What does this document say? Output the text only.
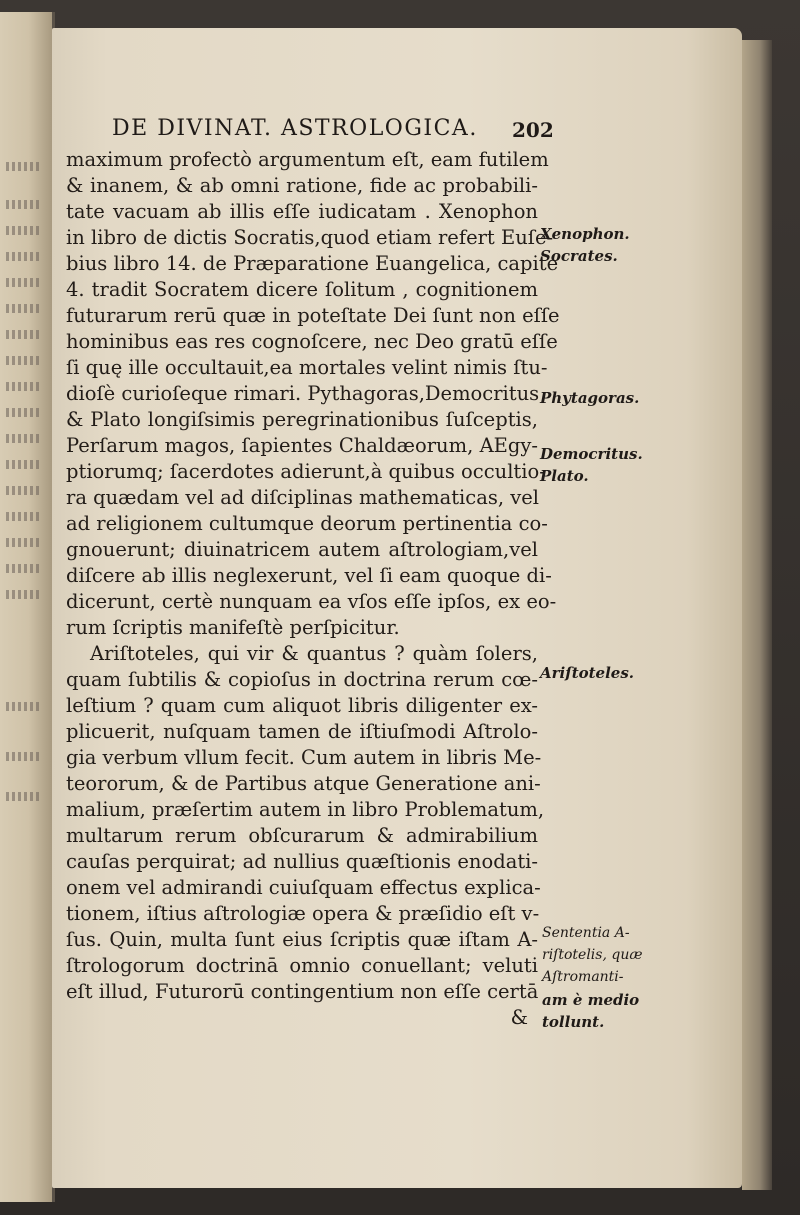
DE DIVINAT. ASTROLOGICA. 202
maximum profectò argumentum eſt, eam futilem
& inanem, & ab omni ratione, fide ac probabili-
tate vacuam ab illis eſſe iudicatam . Xenophon
in libro de dictis Socratis,quod etiam refert Euſe-
bius libro 14. de Præparatione Euangelica, capite
4. tradit Socratem dicere ſolitum , cognitionem
futurarum rerū quæ in poteſtate Dei ſunt non eſſe
hominibus eas res cognoſcere, nec Deo gratū eſſe
ſi quę ille occultauit,ea mortales velint nimis ſtu-
dioſè curioſeque rimari. Pythagoras,Democritus
& Plato longiſsimis peregrinationibus ſuſceptis,
Perſarum magos, ſapientes Chaldæorum, AEgy-
ptiorumq; ſacerdotes adierunt,à quibus occultio-
ra quædam vel ad diſciplinas mathematicas, vel
ad religionem cultumque deorum pertinentia co-
gnouerunt; diuinatricem autem aſtrologiam,vel
diſcere ab illis neglexerunt, vel ſi eam quoque di-
dicerunt, certè nunquam ea vſos eſſe ipſos, ex eo-
rum ſcriptis manifeſtè perſpicitur.
Ariſtoteles, qui vir & quantus ? quàm ſolers,
quam ſubtilis & copioſus in doctrina rerum cœ-
leſtium ? quam cum aliquot libris diligenter ex-
plicuerit, nuſquam tamen de iſtiuſmodi Aſtrolo-
gia verbum vllum fecit. Cum autem in libris Me-
teororum, & de Partibus atque Generatione ani-
malium, præſertim autem in libro Problematum,
multarum rerum obſcurarum & admirabilium
cauſas perquirat; ad nullius quæſtionis enodati-
onem vel admirandi cuiuſquam effectus explica-
tionem, iſtius aſtrologiæ opera & præſidio eſt v-
ſus. Quin, multa ſunt eius ſcriptis quæ iſtam A-
ſtrologorum doctrinā omnio conuellant; veluti
eſt illud, Futurorū contingentium non eſſe certā
&
Xenophon.
Socrates.
Phytagoras.
Democritus.
Plato.
Ariſtoteles.
Sententia A-
riſtotelis, quæ
Aſtromanti-
am è medio
tollunt.
